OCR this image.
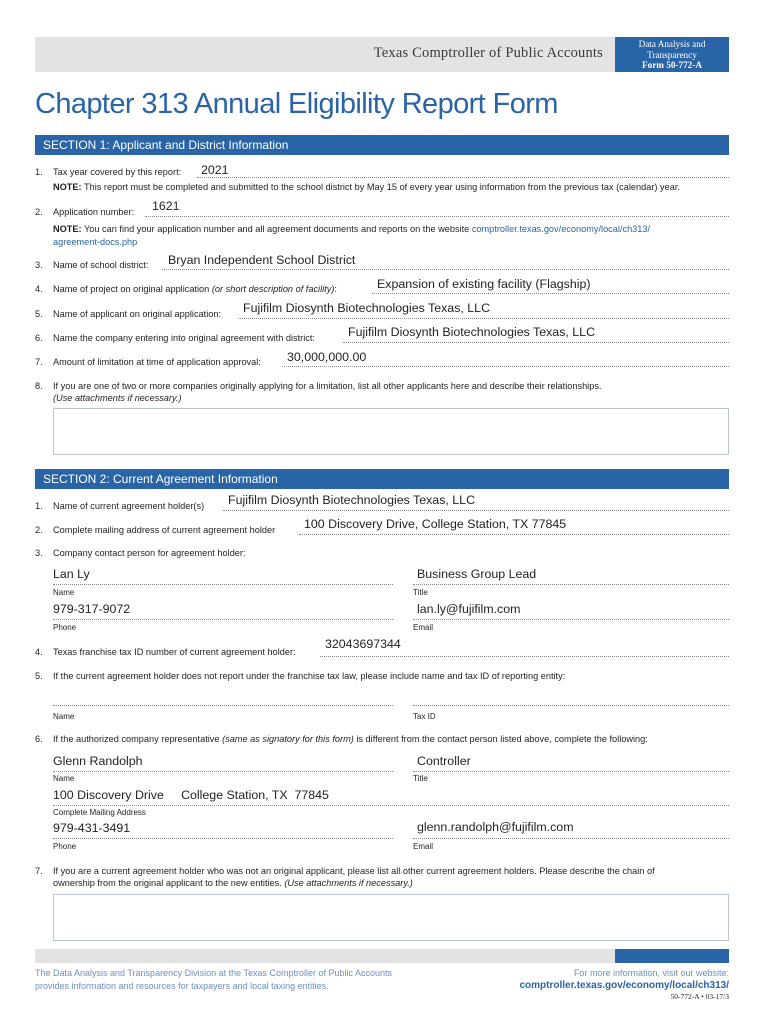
Texas Comptroller of Public Accounts
Data Analysis and
Transparency
Form 50-772-A
Chapter 313 Annual Eligibility Report Form
SECTION 1: Applicant and District Information
1. Tax year covered by this report: 2021
NOTE: This report must be completed and submitted to the school district by May 15 of every year using information from the previous tax (calendar) year.
2. Application number: 1621
NOTE: You can find your application number and all agreement documents and reports on the website comptroller.texas.gov/economy/local/ch313/
agreement-docs.php
3. Name of school district: Bryan Independent School District
4. Name of project on original application (or short description of facility):	Expansion of existing facility (Flagship)
5. Name of applicant on original application: Fujifilm Diosynth Biotechnologies Texas, LLC
6. Name the company entering into original agreement with district:	Fujifilm Diosynth Biotechnologies Texas, LLC
7. Amount of limitation at time of application approval: 30,000,000.00
8. If you are one of two or more companies originally applying for a limitation, list all other applicants here and describe their relationships.
(Use attachments if necessary.)
SECTION 2: Current Agreement Information
1. Name of current agreement holder(s) Fujifilm Diosynth Biotechnologies Texas, LLC
2. Complete mailing address of current agreement holder 100 Discovery Drive, College Station, TX 77845
3. Company contact person for agreement holder:
Lan Ly
Name
Business Group Lead
Title
979-317-9072
Phone
lan.ly@fujifilm.com
Email
4. Texas franchise tax ID number of current agreement holder:
32043697344
5. If the current agreement holder does not report under the franchise tax law, please include name and tax ID of reporting entity:
Name	Tax ID
6. If the authorized company representative (same as signatory for this form) is different from the contact person listed above, complete the following:
Glenn Randolph
Name
Controller
Title
100 Discovery Drive     College Station, TX  77845
Complete Mailing Address
979-431-3491
Phone
glenn.randolph@fujifilm.com
Email
7. If you are a current agreement holder who was not an original applicant, please list all other current agreement holders. Please describe the chain of
ownership from the original applicant to the new entities. (Use attachments if necessary.)
The Data Analysis and Transparency Division at the Texas Comptroller of Public Accounts
provides information and resources for taxpayers and local taxing entities.
For more information, visit our website:
comptroller.texas.gov/economy/local/ch313/
50-772-A • 03-17/3
